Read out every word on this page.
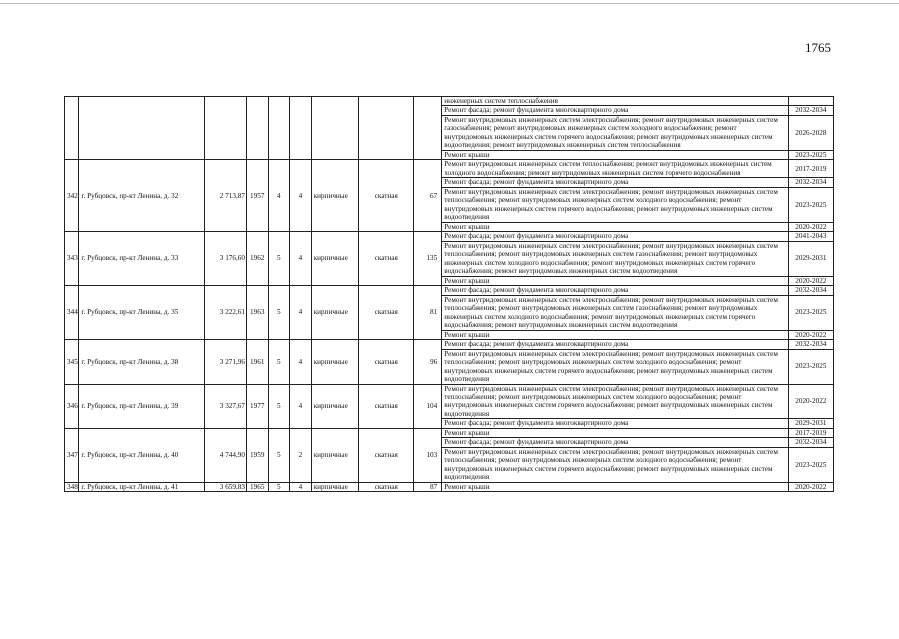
1765
									инженерных систем теплоснабжения	
									Ремонт фасада; ремонт фундамента многоквартирного дома	2032-2034
									Ремонт внутридомовых инженерных систем электроснабжения; ремонт внутридомовых инженерных систем газоснабжения; ремонт внутридомовых инженерных систем холодного водоснабжения; ремонт внутридомовых инженерных систем горячего водоснабжения; ремонт внутридомовых инженерных систем водоотведения; ремонт внутридомовых инженерных систем теплоснабжения	2026-2028
									Ремонт крыши	2023-2025
342	г. Рубцовск, пр-кт Ленина, д. 32	2 713,87	1957	4	4	кирпичные	скатная	67	Ремонт внутридомовых инженерных систем теплоснабжения; ремонт внутридомовых инженерных систем холодного водоснабжения; ремонт внутридомовых инженерных систем горячего водоснабжения	2017-2019
									Ремонт фасада; ремонт фундамента многоквартирного дома	2032-2034
									Ремонт внутридомовых инженерных систем электроснабжения; ремонт внутридомовых инженерных систем теплоснабжения; ремонт внутридомовых инженерных систем холодного водоснабжения; ремонт внутридомовых инженерных систем горячего водоснабжения; ремонт внутридомовых инженерных систем водоотведения	2023-2025
									Ремонт крыши	2020-2022
343	г. Рубцовск, пр-кт Ленина, д. 33	3 176,60	1962	5	4	кирпичные	скатная	135	Ремонт фасада; ремонт фундамента многоквартирного дома	2041-2043
									Ремонт внутридомовых инженерных систем электроснабжения; ремонт внутридомовых инженерных систем теплоснабжения; ремонт внутридомовых инженерных систем газоснабжения; ремонт внутридомовых инженерных систем холодного водоснабжения; ремонт внутридомовых инженерных систем горячего водоснабжения; ремонт внутридомовых инженерных систем водоотведения	2029-2031
									Ремонт крыши	2020-2022
344	г. Рубцовск, пр-кт Ленина, д. 35	3 222,61	1963	5	4	кирпичные	скатная	81	Ремонт фасада; ремонт фундамента многоквартирного дома	2032-2034
									Ремонт внутридомовых инженерных систем электроснабжения; ремонт внутридомовых инженерных систем теплоснабжения; ремонт внутридомовых инженерных систем газоснабжения; ремонт внутридомовых инженерных систем холодного водоснабжения; ремонт внутридомовых инженерных систем горячего водоснабжения; ремонт внутридомовых инженерных систем водоотведения	2023-2025
									Ремонт крыши	2020-2022
345	г. Рубцовск, пр-кт Ленина, д. 38	3 271,96	1961	5	4	кирпичные	скатная	96	Ремонт фасада; ремонт фундамента многоквартирного дома	2032-2034
									Ремонт внутридомовых инженерных систем электроснабжения; ремонт внутридомовых инженерных систем теплоснабжения; ремонт внутридомовых инженерных систем холодного водоснабжения; ремонт внутридомовых инженерных систем горячего водоснабжения; ремонт внутридомовых инженерных систем водоотведения	2023-2025
346	г. Рубцовск, пр-кт Ленина, д. 39	3 327,67	1977	5	4	кирпичные	скатная	104	Ремонт внутридомовых инженерных систем электроснабжения; ремонт внутридомовых инженерных систем теплоснабжения; ремонт внутридомовых инженерных систем холодного водоснабжения; ремонт внутридомовых инженерных систем горячего водоснабжения; ремонт внутридомовых инженерных систем водоотведения	2020-2022
									Ремонт фасада; ремонт фундамента многоквартирного дома	2029-2031
347	г. Рубцовск, пр-кт Ленина, д. 40	4 744,90	1959	5	2	кирпичные	скатная	103	Ремонт крыши	2017-2019
									Ремонт фасада; ремонт фундамента многоквартирного дома	2032-2034
									Ремонт внутридомовых инженерных систем электроснабжения; ремонт внутридомовых инженерных систем теплоснабжения; ремонт внутридомовых инженерных систем холодного водоснабжения; ремонт внутридомовых инженерных систем горячего водоснабжения; ремонт внутридомовых инженерных систем водоотведения	2023-2025
348	г. Рубцовск, пр-кт Ленина, д. 41	3 659,83	1965	5	4	кирпичные	скатная	87	Ремонт крыши	2020-2022
